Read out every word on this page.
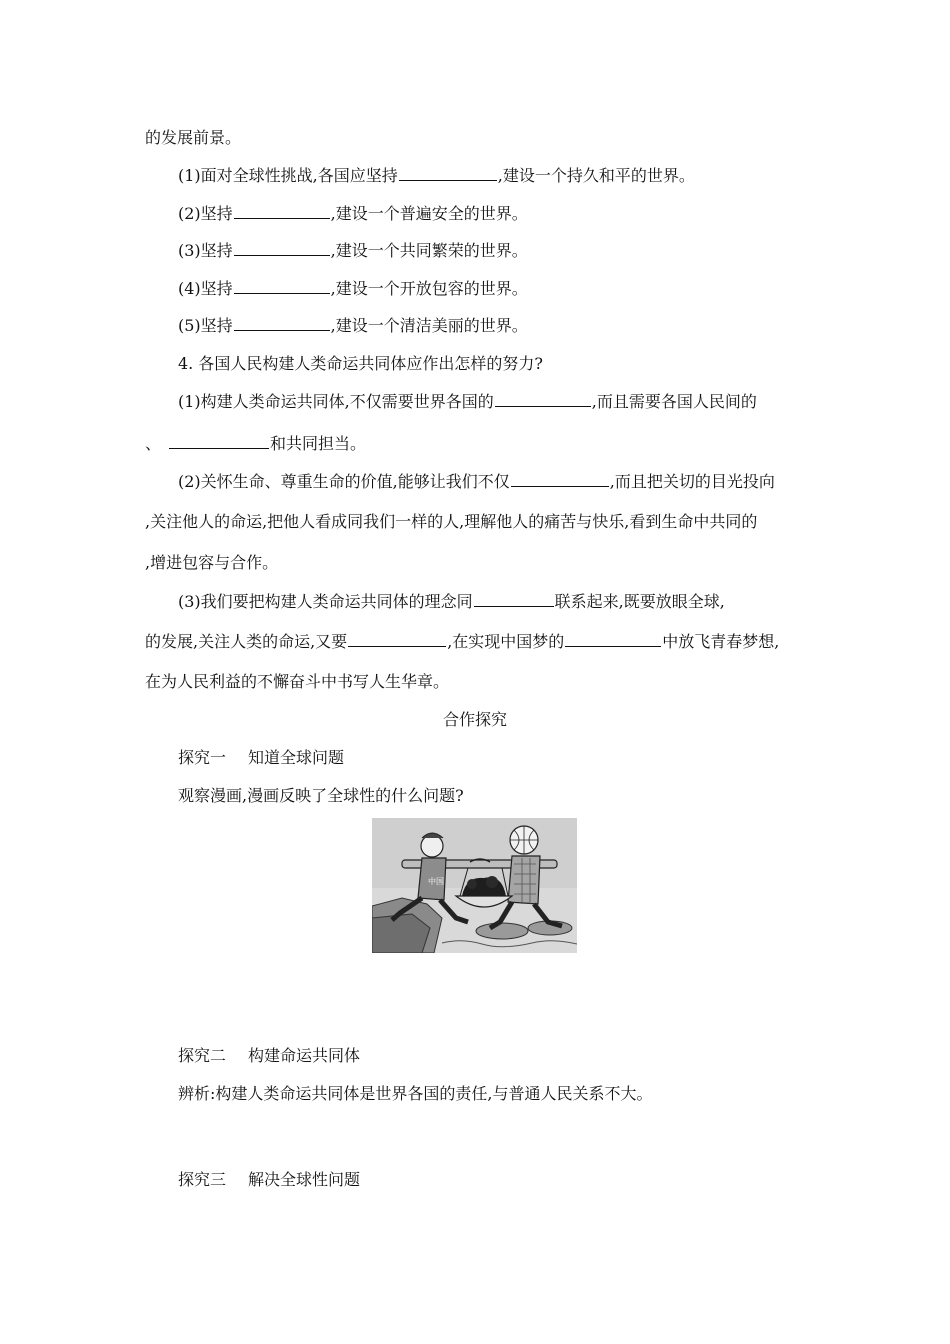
的发展前景。
(1)面对全球性挑战,各国应坚持	,建设一个持久和平的世界。
(2)坚持	,建设一个普遍安全的世界。
(3)坚持	,建设一个共同繁荣的世界。
(4)坚持	,建设一个开放包容的世界。
(5)坚持	,建设一个清洁美丽的世界。
4. 各国人民构建人类命运共同体应作出怎样的努力?
(1)构建人类命运共同体,不仅需要世界各国的	,而且需要各国人民间的
、	和共同担当。
(2)关怀生命、尊重生命的价值,能够让我们不仅	,而且把关切的目光投向
,关注他人的命运,把他人看成同我们一样的人,理解他人的痛苦与快乐,看到生命中共同的
,增进包容与合作。
(3)我们要把构建人类命运共同体的理念同	联系起来,既要放眼全球,
的发展,关注人类的命运,又要	,在实现中国梦的	中放飞青春梦想,
在为人民利益的不懈奋斗中书写人生华章。
合作探究
探究一 知道全球问题
观察漫画,漫画反映了全球性的什么问题?
中国
探究二 构建命运共同体
辨析:构建人类命运共同体是世界各国的责任,与普通人民关系不大。
探究三 解决全球性问题
